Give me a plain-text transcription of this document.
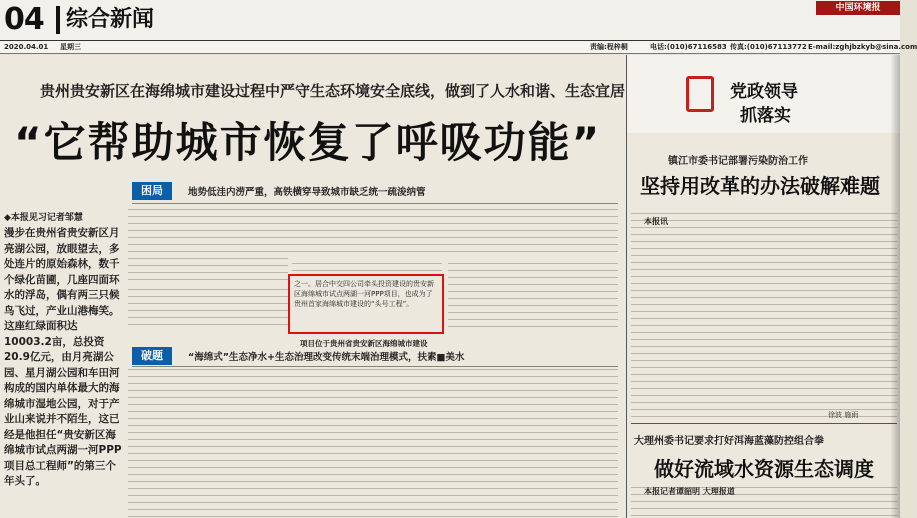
04 综合新闻	中国环境报
2020.04.01 星期三	责编:程梓桐	电话:(010)67116583 传真:(010)67113772 E-mail:zghjbzkyb@sina.com
贵州贵安新区在海绵城市建设过程中严守生态环境安全底线，做到了人水和谐、生态宜居
“它帮助城市恢复了呼吸功能”
◆本报见习记者邹慧
漫步在贵州省贵安新区月亮湖公园，放眼望去，多处连片的原始森林，数千个绿化苗圃，几座四面环水的浮岛，偶有两三只候鸟飞过，产业山港梅笑。这座红绿面积达10003.2亩，总投资20.9亿元，由月亮湖公园、星月湖公园和车田河构成的国内单体最大的海绵城市湿地公园，对于产业山来说并不陌生，这已经是他担任“贵安新区海绵城市试点两湖一河PPP项目总工程师”的第三个年头了。
困局	地势低洼内涝严重，高铁横穿导致城市缺乏统一疏浚纳管
之一。居合中交四公司牵头投资建设的贵安新区海绵城市试点两湖一河PPP项目，也成为了贵州首家海绵城市建设的“头号工程”。
项目位于贵州省贵安新区海绵城市建设
破题	“海绵式”生态净水+生态治理改变传统末端治理模式，扶素■美水
党政领导
抓落实
镇江市委书记部署污染防治工作
坚持用改革的办法破解难题
本报讯
徐波 施雨
大理州委书记要求打好洱海蓝藻防控组合拳
做好流域水资源生态调度
本报记者谭韶明 大理报道
